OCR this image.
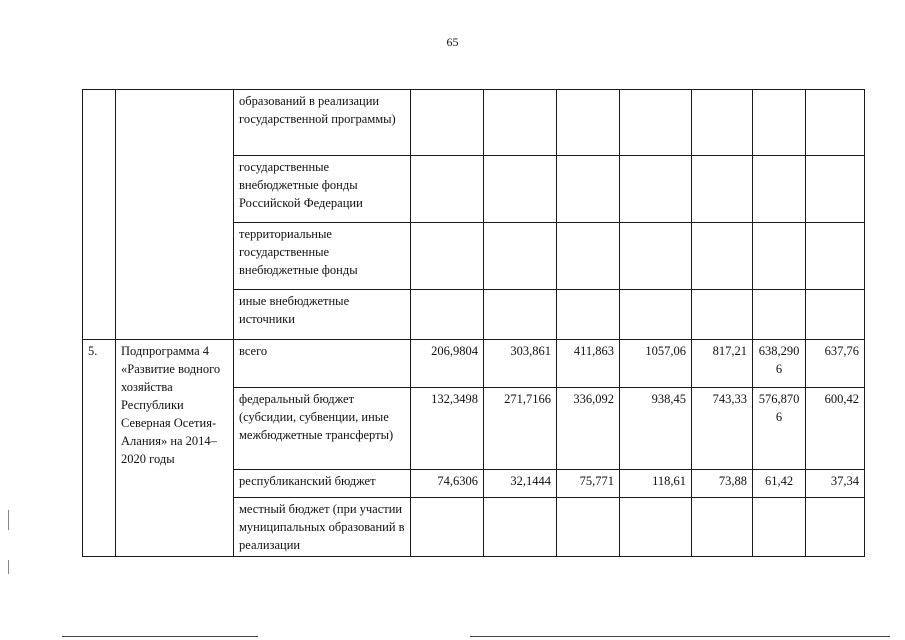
65
		образований в реализации государственной программы)							
		государственные внебюджетные фонды Российской Федерации							
		территориальные государственные внебюджетные фонды							
		иные внебюджетные источники							
5.	Подпрограмма 4 «Развитие водного хозяйства Республики Северная Осетия-Алания» на 2014– 2020 годы	всего	206,9804	303,861	411,863	1057,06	817,21	638,2906	637,76
		федеральный бюджет (субсидии, субвенции, иные межбюджетные трансферты)	132,3498	271,7166	336,092	938,45	743,33	576,8706	600,42
		республиканский бюджет	74,6306	32,1444	75,771	118,61	73,88	61,42	37,34
		местный бюджет (при участии муниципальных образований в реализации							
